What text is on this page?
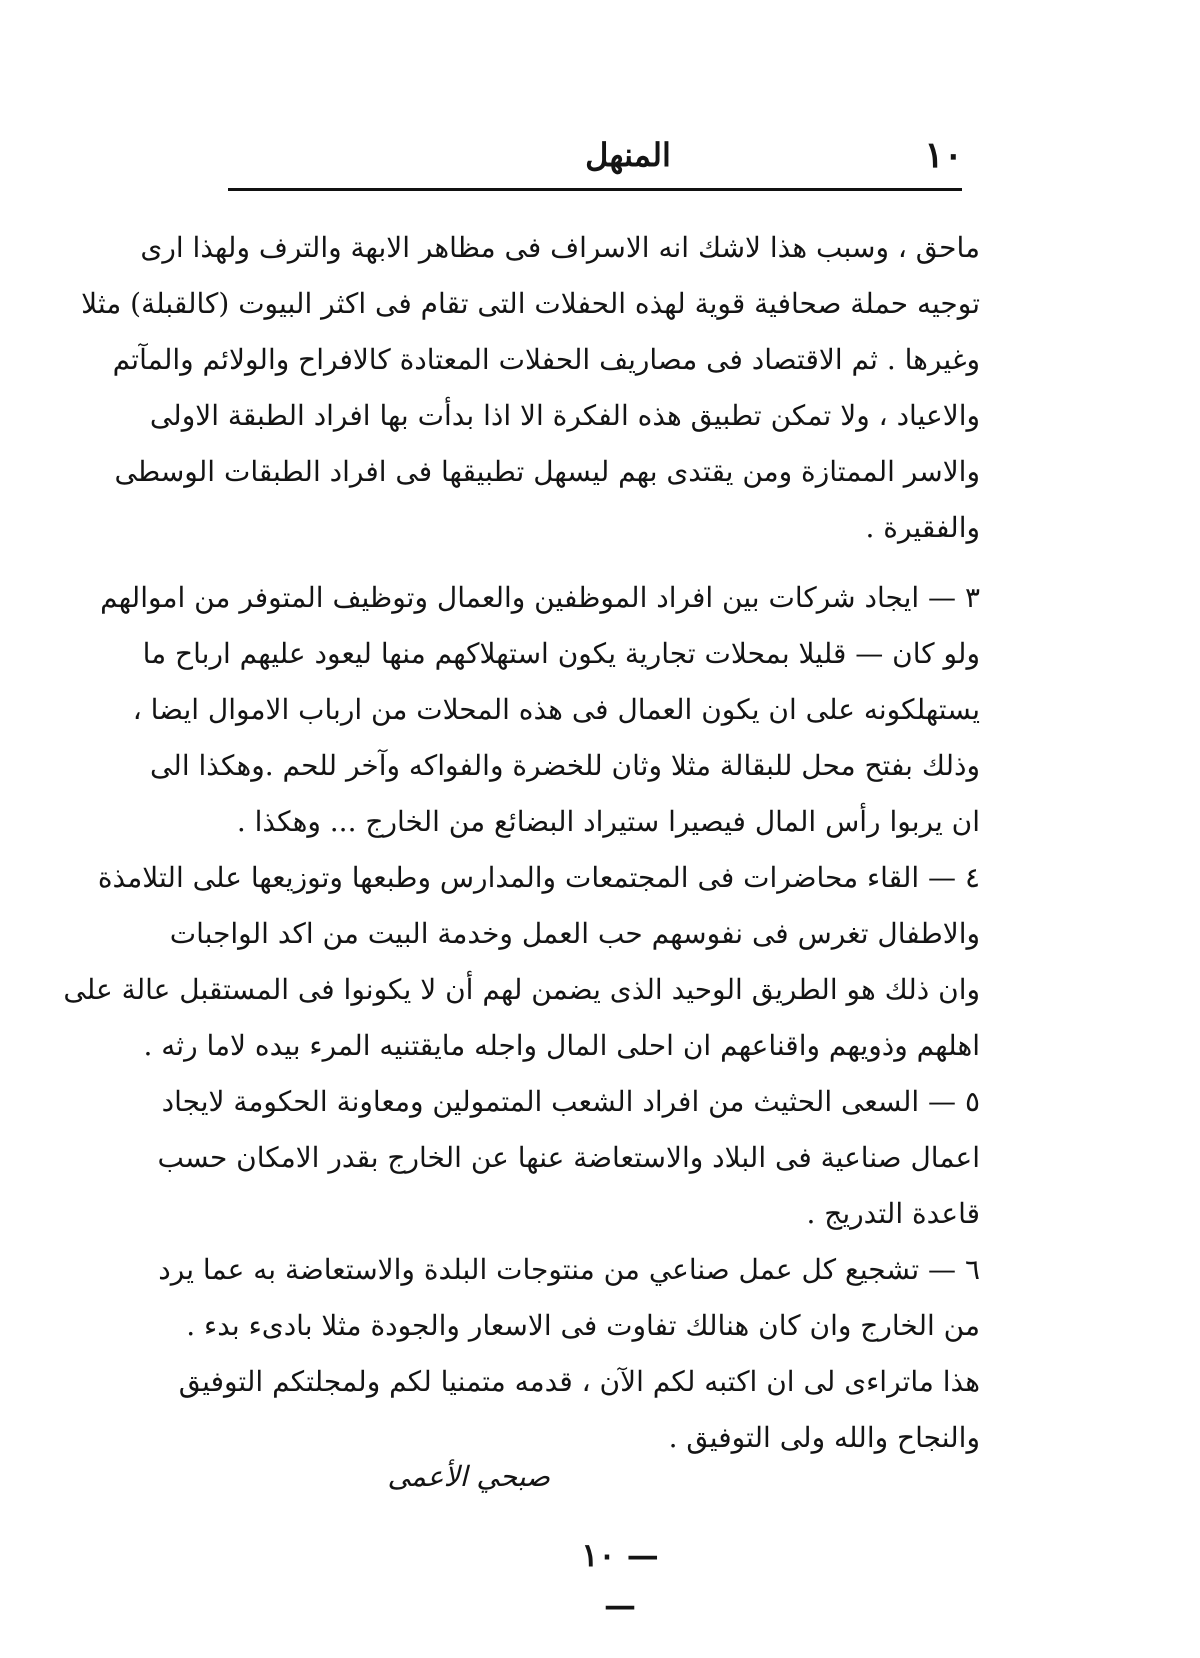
١٠
المنهل
ماحق ، وسبب هذا لاشك انه الاسراف فى مظاهر الابهة والترف ولهذا ارى
توجيه حملة صحافية قوية لهذه الحفلات التى تقام فى اكثر البيوت (كالقبلة) مثلا
وغيرها . ثم الاقتصاد فى مصاريف الحفلات المعتادة كالافراح والولائم والمآتم
والاعياد ، ولا تمكن تطبيق هذه الفكرة الا اذا بدأت بها افراد الطبقة الاولى
والاسر الممتازة ومن يقتدى بهم ليسهل تطبيقها فى افراد الطبقات الوسطى
والفقيرة .
٣ — ايجاد شركات بين افراد الموظفين والعمال وتوظيف المتوفر من اموالهم
ولو كان — قليلا بمحلات تجارية يكون استهلاكهم منها ليعود عليهم ارباح ما
يستهلكونه على ان يكون العمال فى هذه المحلات من ارباب الاموال ايضا ،
وذلك بفتح محل للبقالة مثلا وثان للخضرة والفواكه وآخر للحم .وهكذا الى
ان يربوا رأس المال فيصيرا ستيراد البضائع من الخارج ... وهكذا .
٤ — القاء محاضرات فى المجتمعات والمدارس وطبعها وتوزيعها على التلامذة
والاطفال تغرس فى نفوسهم حب العمل وخدمة البيت من اكد الواجبات
وان ذلك هو الطريق الوحيد الذى يضمن لهم أن لا يكونوا فى المستقبل عالة على
اهلهم وذويهم واقناعهم ان احلى المال واجله مايقتنيه المرء بيده لاما رثه .
٥ — السعى الحثيث من افراد الشعب المتمولين ومعاونة الحكومة لايجاد
اعمال صناعية فى البلاد والاستعاضة عنها عن الخارج بقدر الامكان حسب
قاعدة التدريج .
٦ — تشجيع كل عمل صناعي من منتوجات البلدة والاستعاضة به عما يرد
من الخارج وان كان هنالك تفاوت فى الاسعار والجودة مثلا بادىء بدء .
هذا ماتراءى لى ان اكتبه لكم الآن ، قدمه متمنيا لكم ولمجلتكم التوفيق
والنجاح والله ولى التوفيق .
صبحي الأعمى
— ١٠ —
